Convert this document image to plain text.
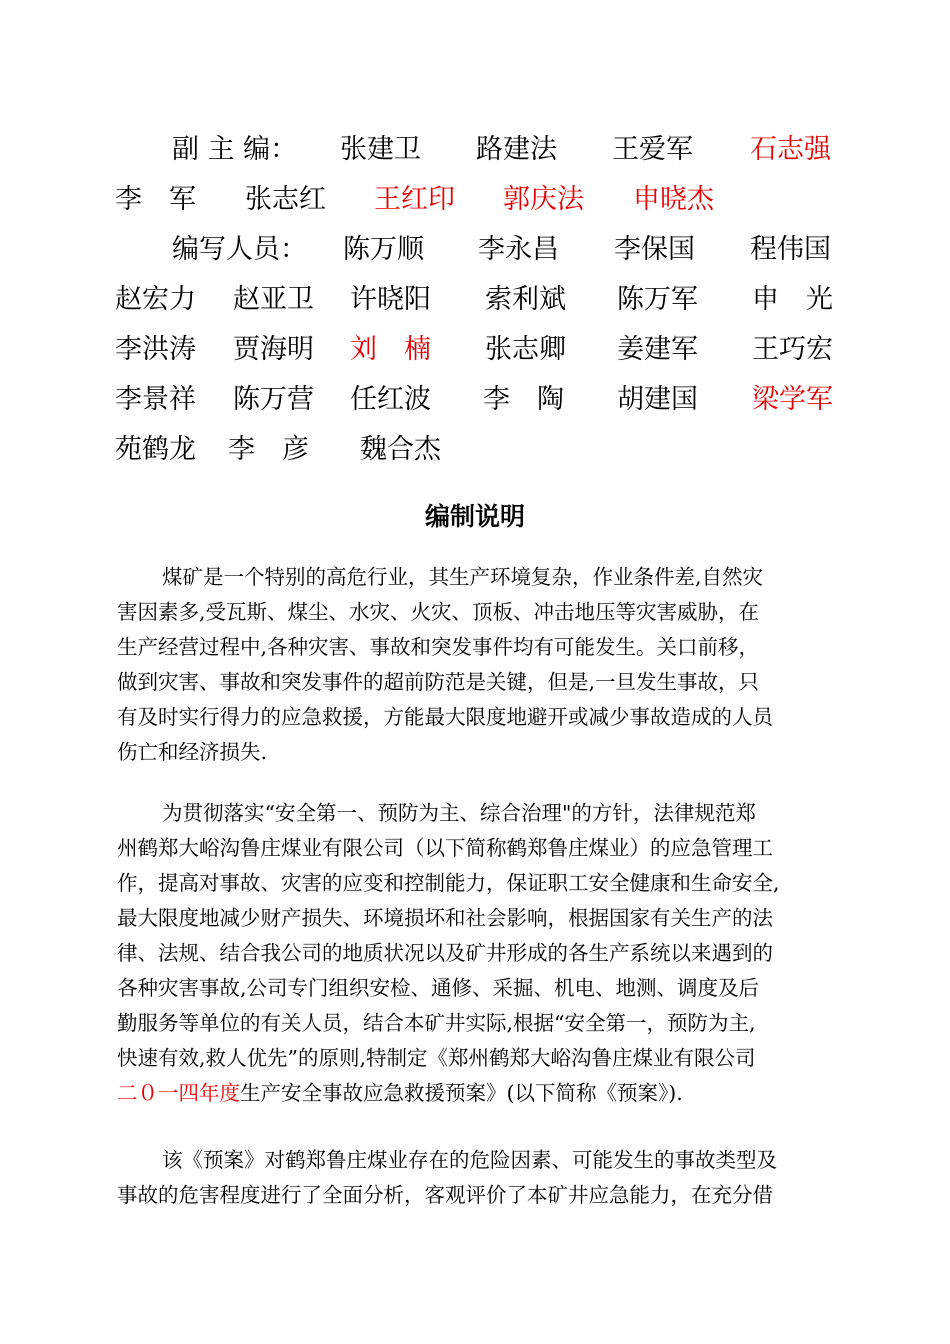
副 主 编： 张建卫 路建法 王爱军 石志强
李　军 张志红 王红印 郭庆法 申晓杰
编写人员： 陈万顺 李永昌 李保国 程伟国
赵宏力 赵亚卫 许晓阳 索利斌 陈万军 申　光
李洪涛 贾海明 刘　楠 张志卿 姜建军 王巧宏
李景祥 陈万营 任红波 李　陶 胡建国 梁学军
苑鹤龙 李　彦 魏合杰
编制说明
煤矿是一个特别的高危行业，其生产环境复杂，作业条件差,自然灾
害因素多,受瓦斯、煤尘、水灾、火灾、顶板、冲击地压等灾害威胁，在
生产经营过程中,各种灾害、事故和突发事件均有可能发生。关口前移，
做到灾害、事故和突发事件的超前防范是关键，但是,一旦发生事故，只
有及时实行得力的应急救援，方能最大限度地避开或减少事故造成的人员
伤亡和经济损失.
为贯彻落实“安全第一、预防为主、综合治理"的方针，法律规范郑
州鹤郑大峪沟鲁庄煤业有限公司（以下简称鹤郑鲁庄煤业）的应急管理工
作，提高对事故、灾害的应变和控制能力，保证职工安全健康和生命安全,
最大限度地减少财产损失、环境损坏和社会影响，根据国家有关生产的法
律、法规、结合我公司的地质状况以及矿井形成的各生产系统以来遇到的
各种灾害事故,公司专门组织安检、通修、采掘、机电、地测、调度及后
勤服务等单位的有关人员，结合本矿井实际,根据“安全第一，预防为主,
快速有效,救人优先”的原则,特制定《郑州鹤郑大峪沟鲁庄煤业有限公司
二０一四年度生产安全事故应急救援预案》(以下简称《预案》).
该《预案》对鹤郑鲁庄煤业存在的危险因素、可能发生的事故类型及
事故的危害程度进行了全面分析，客观评价了本矿井应急能力，在充分借
